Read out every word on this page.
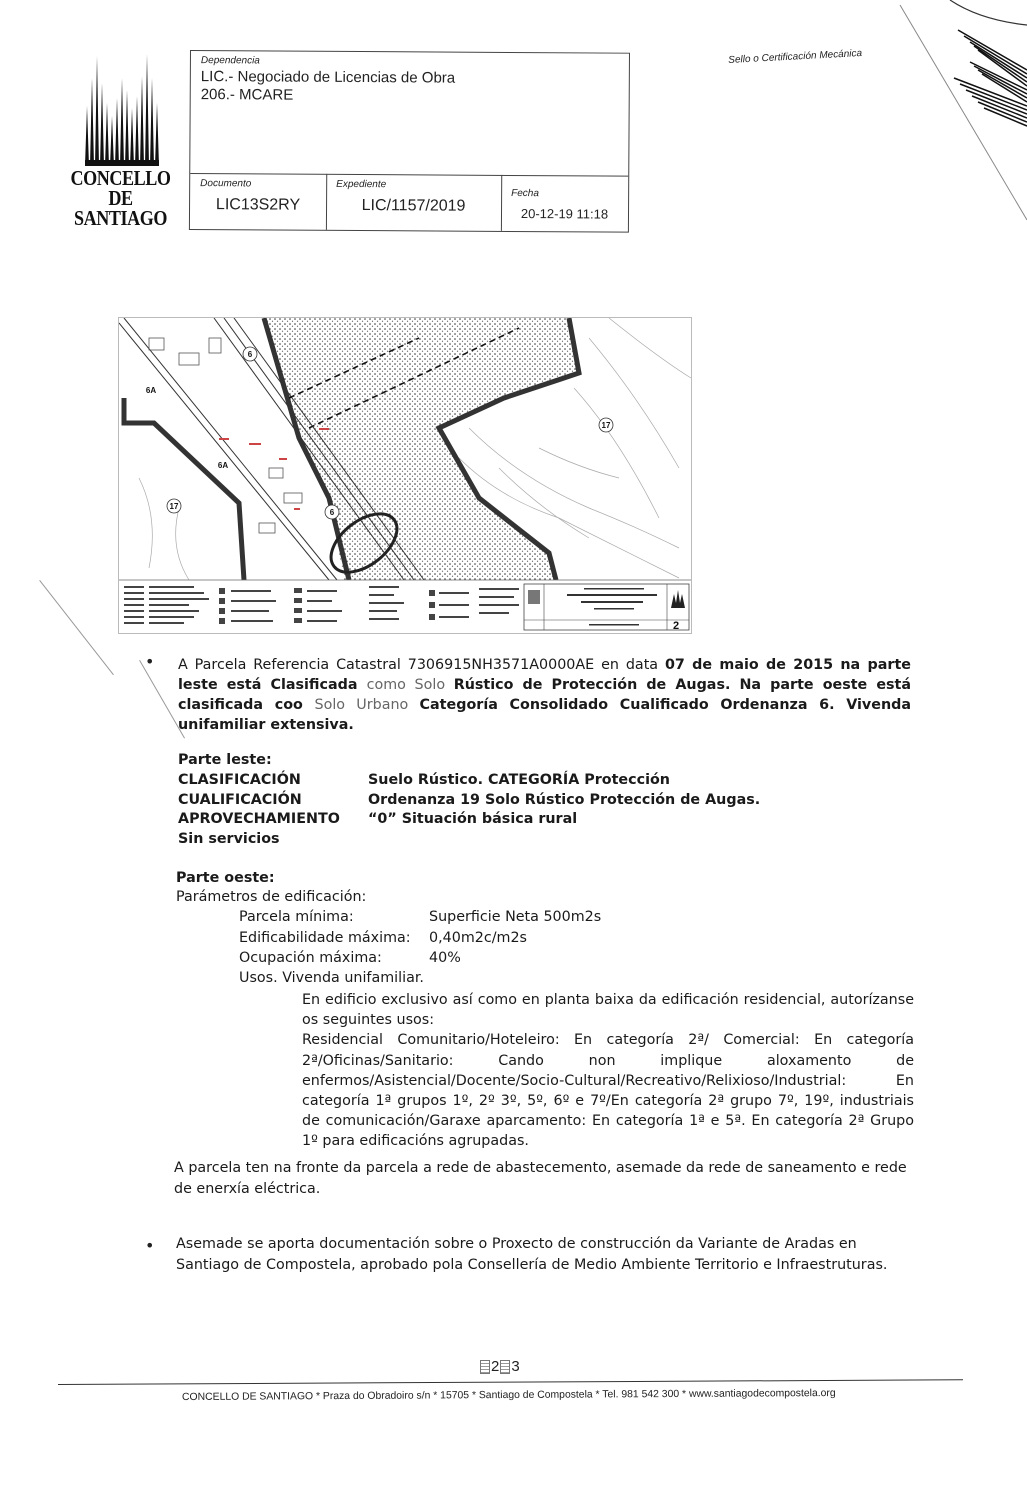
CONCELLO DE
SANTIAGO
Dependencia
LIC.- Negociado de Licencias de Obra
206.- MCARE
Documento
LIC13S2RY
Expediente
LIC/1157/2019
Fecha
20-12-19 11:18
Sello o Certificación Mecánica
6
6A
6A
17
6
17
2
• A Parcela Referencia Catastral 7306915NH3571A0000AE en data 07 de maio de 2015 na parte leste está Clasificada como Solo Rústico de Protección de Augas. Na parte oeste está clasificada coo Solo Urbano Categoría Consolidado Cualificado Ordenanza 6. Vivenda unifamiliar extensiva.
Parte leste:
CLASIFICACIÓN	Suelo Rústico. CATEGORÍA Protección
CUALIFICACIÓN	Ordenanza 19 Solo Rústico Protección de Augas.
APROVECHAMIENTO “0” Situación básica rural
Sin servicios
Parte oeste:
Parámetros de edificación:
Parcela mínima:	Superficie Neta 500m2s
Edificabilidade máxima: 0,40m2c/m2s
Ocupación máxima:	40%
Usos. Vivenda unifamiliar.
En edificio exclusivo así como en planta baixa da edificación residencial, autorízanse os seguintes usos:
Residencial Comunitario/Hoteleiro: En categoría 2ª/ Comercial: En categoría 2ª/Oficinas/Sanitario: Cando non implique aloxamento de enfermos/Asistencial/Docente/Socio-Cultural/Recreativo/Relixioso/Industrial: En categoría 1ª grupos 1º, 2º 3º, 5º, 6º e 7º/En categoría 2ª grupo 7º, 19º, industriais de comunicación/Garaxe aparcamento: En categoría 1ª e 5ª. En categoría 2ª Grupo 1º para edificacións agrupadas.
A parcela ten na fronte da parcela a rede de abastecemento, asemade da rede de saneamento e rede de enerxía eléctrica.
• Asemade se aporta documentación sobre o Proxecto de construcción da Variante de Aradas en Santiago de Compostela, aprobado pola Consellería de Medio Ambiente Territorio e Infraestruturas.
2 3
CONCELLO DE SANTIAGO * Praza do Obradoiro s/n * 15705 * Santiago de Compostela * Tel. 981 542 300 * www.santiagodecompostela.org
